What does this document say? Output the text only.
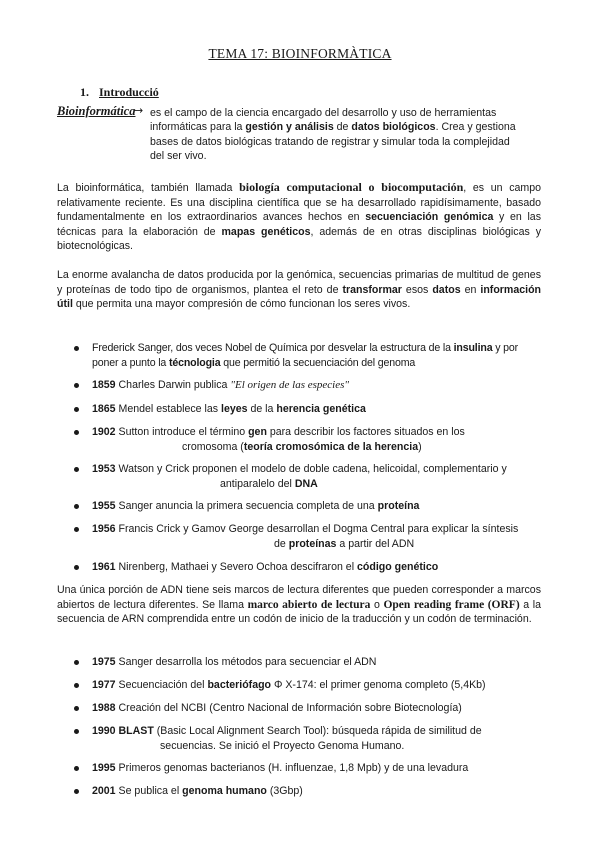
TEMA 17: BIOINFORMÀTICA
1. Introducció
Bioinformática
→ es el campo de la ciencia encargado del desarrollo y uso de herramientas
informáticas para la gestión y análisis de datos biológicos. Crea y gestiona bases de datos biológicas tratando de registrar y simular toda la complejidad del ser vivo.
La bioinformática, también llamada biología computacional o biocomputación, es un campo relativamente reciente. Es una disciplina científica que se ha desarrollado rapidísimamente, basado fundamentalmente en los extraordinarios avances hechos en secuenciación genómica y en las técnicas para la elaboración de mapas genéticos, además de en otras disciplinas biológicas y biotecnológicas.
La enorme avalancha de datos producida por la genómica, secuencias primarias de multitud de genes y proteínas de todo tipo de organismos, plantea el reto de transformar esos datos en información útil que permita una mayor compresión de cómo funcionan los seres vivos.
Frederick Sanger, dos veces Nobel de Química por desvelar la estructura de la insulina y por poner a punto la técnologia que permitió la secuenciación del genoma
1859 Charles Darwin publica "El origen de las especies"
1865 Mendel establece las leyes de la herencia genética
1902 Sutton introduce el término gen para describir los factores situados en los
cromosoma (teoría cromosómica de la herencia)
1953 Watson y Crick proponen el modelo de doble cadena, helicoidal, complementario y
antiparalelo del DNA
1955 Sanger anuncia la primera secuencia completa de una proteína
1956 Francis Crick y Gamov George desarrollan el Dogma Central para explicar la síntesis
de proteínas a partir del ADN
1961 Nirenberg, Mathaei y Severo Ochoa descifraron el código genético
Una única porción de ADN tiene seis marcos de lectura diferentes que pueden corresponder a marcos abiertos de lectura diferentes. Se llama marco abierto de lectura o Open reading frame (ORF) a la secuencia de ARN comprendida entre un codón de inicio de la traducción y un codón de terminación.
1975 Sanger desarrolla los métodos para secuenciar el ADN
1977 Secuenciación del bacteriófago Φ X-174: el primer genoma completo (5,4Kb)
1988 Creación del NCBI (Centro Nacional de Información sobre Biotecnología)
1990 BLAST (Basic Local Alignment Search Tool): búsqueda rápida de similitud de
secuencias. Se inició el Proyecto Genoma Humano.
1995 Primeros genomas bacterianos (H. influenzae, 1,8 Mpb) y de una levadura
2001 Se publica el genoma humano (3Gbp)
